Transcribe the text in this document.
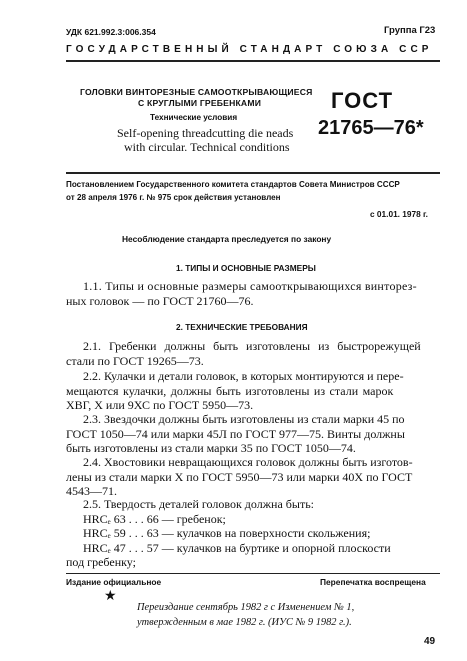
УДК 621.992.3:006.354	Группа Г23
ГОСУДАРСТВЕННЫЙ СТАНДАРТ СОЮЗА ССР
ГОЛОВКИ ВИНТОРЕЗНЫЕ САМООТКРЫВАЮЩИЕСЯ
С КРУГЛЫМИ ГРЕБЕНКАМИ
Технические условия
Self-opening threadcutting die neads
with circular. Technical conditions
ГОСТ
21765—76*
Постановлением Государственного комитета стандартов Совета Министров СССР
от 28 апреля 1976 г. № 975 срок действия установлен
с 01.01. 1978 г.
Несоблюдение стандарта преследуется по закону
1. ТИПЫ И ОСНОВНЫЕ РАЗМЕРЫ
1.1. Типы и основные размеры самооткрывающихся винторез-
ных головок — по ГОСТ 21760—76.
2. ТЕХНИЧЕСКИЕ ТРЕБОВАНИЯ
2.1. Гребенки должны быть изготовлены из быстрорежущей
стали по ГОСТ 19265—73.
2.2. Кулачки и детали головок, в которых монтируются и пере-
мещаются кулачки, должны быть изготовлены из стали марок
ХВГ, X или 9ХС по ГОСТ 5950—73.
2.3. Звездочки должны быть изготовлены из стали марки 45 по
ГОСТ 1050—74 или марки 45Л по ГОСТ 977—75. Винты должны
быть изготовлены из стали марки 35 по ГОСТ 1050—74.
2.4. Хвостовики невращающихся головок должны быть изготов-
лены из стали марки X по ГОСТ 5950—73 или марки 40Х по ГОСТ
4543—71.
2.5. Твердость деталей головок должна быть:
HRCₑ 63 . . . 66 — гребенок;
HRCₑ 59 . . . 63 — кулачков на поверхности скольжения;
HRCₑ 47 . . . 57 — кулачков на буртике и опорной плоскости
под гребенку;
Издание официальное	Перепечатка воспрещена
★
Переиздание сентябрь 1982 г с Изменением № 1,
утвержденным в мае 1982 г. (ИУС № 9 1982 г.).
49
